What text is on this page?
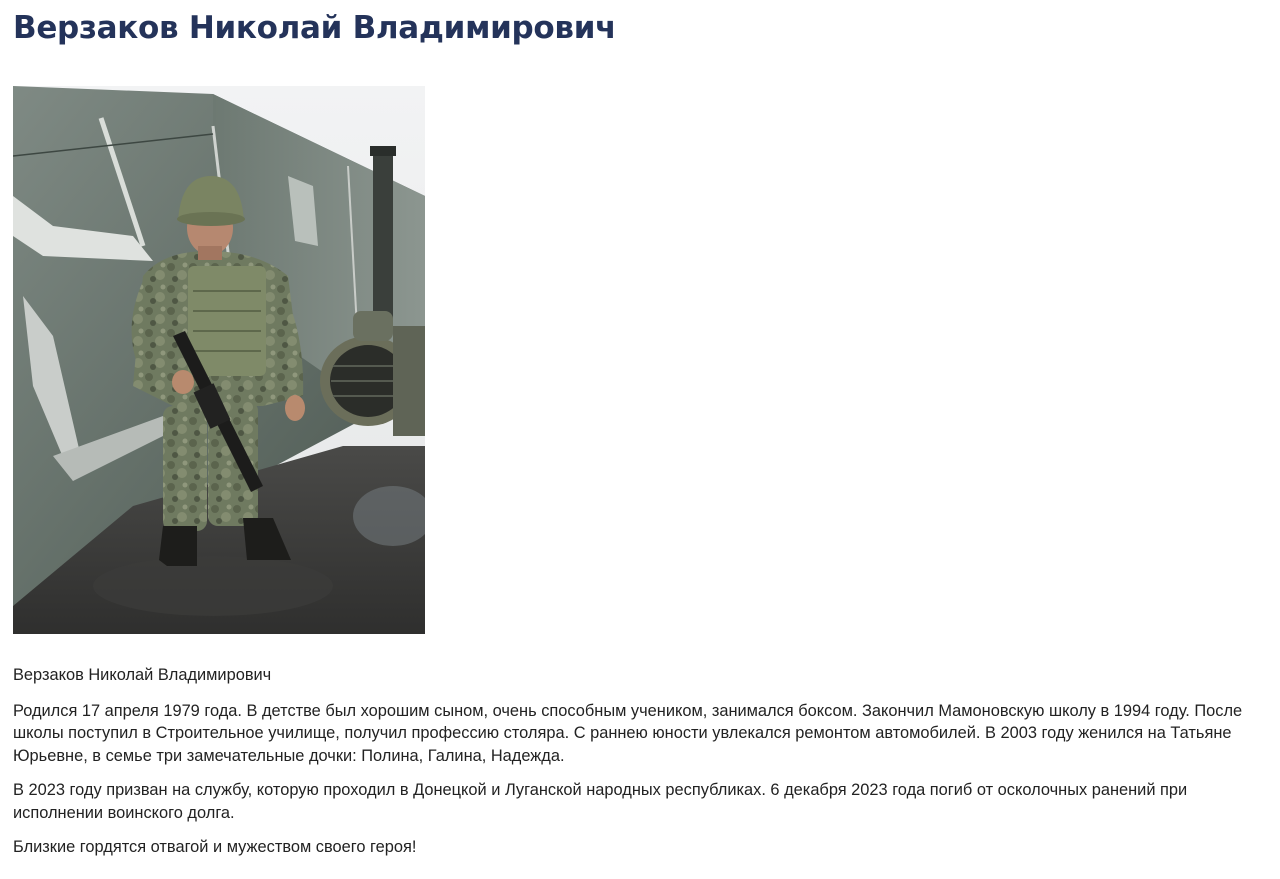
Верзаков Николай Владимирович

Верзаков Николай Владимирович

Родился 17 апреля 1979 года. В детстве был хорошим сыном, очень способным учеником, занимался боксом. Закончил Мамоновскую школу в 1994 году. После школы поступил в Строительное училище, получил профессию столяра. С раннею юности увлекался ремонтом автомобилей. В 2003 году женился на Татьяне Юрьевне, в семье три замечательные дочки: Полина, Галина, Надежда.

В 2023 году призван на службу, которую проходил в Донецкой и Луганской народных республиках. 6 декабря 2023 года погиб от осколочных ранений при исполнении воинского долга.

Близкие гордятся отвагой и мужеством своего героя!
